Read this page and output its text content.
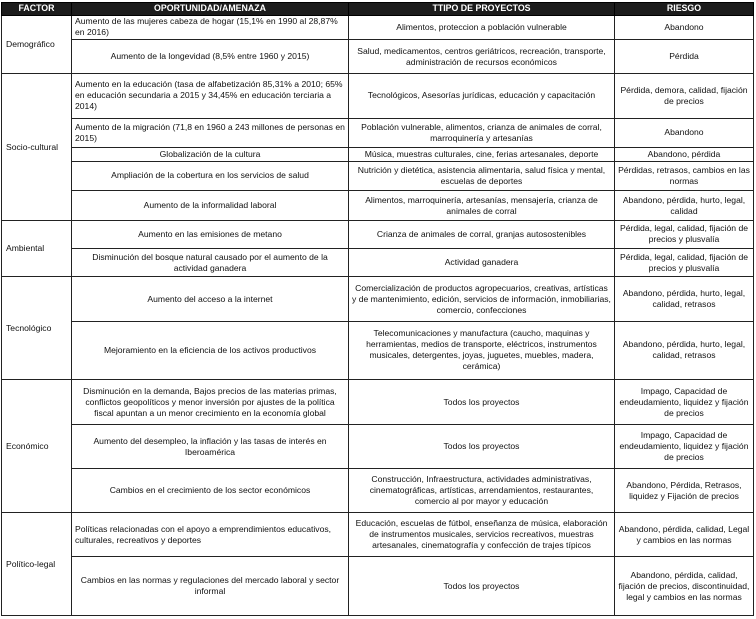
FACTOR	OPORTUNIDAD/AMENAZA	TTIPO DE PROYECTOS	RIESGO
Demográfico	Aumento de las mujeres cabeza de hogar (15,1% en 1990 al 28,87% en 2016)	Alimentos, proteccion a población vulnerable	Abandono
	Aumento de la longevidad (8,5% entre 1960 y 2015)	Salud, medicamentos, centros geriátricos, recreación, transporte, administración de recursos económicos	Pérdida
Socio-cultural	Aumento en la educación (tasa de alfabetización 85,31% a 2010; 65% en educación secundaria a 2015 y 34,45% en educación terciaria a 2014)	Tecnológicos, Asesorías jurídicas, educación y capacitación	Pérdida, demora, calidad, fijación de precios
	Aumento de la migración (71,8 en 1960 a 243 millones de personas en 2015)	Población vulnerable, alimentos, crianza de animales de corral, marroquinería y artesanías	Abandono
	Globalización de la cultura	Música, muestras culturales, cine, ferias artesanales, deporte	Abandono, pérdida
	Ampliación de la cobertura en los servicios de salud	Nutrición y dietética, asistencia alimentaria, salud física y mental, escuelas de deportes	Pérdidas, retrasos, cambios en las normas
	Aumento de la informalidad laboral	Alimentos, marroquinería, artesanías, mensajería, crianza de animales de corral	Abandono, pérdida, hurto, legal, calidad
Ambiental	Aumento en las emisiones de metano	Crianza de animales de corral, granjas autosostenibles	Pérdida, legal, calidad, fijación de precios y plusvalía
	Disminución del bosque natural causado por el aumento de la actividad ganadera	Actividad ganadera	Pérdida, legal, calidad, fijación de precios y plusvalía
Tecnológico	Aumento del acceso a la internet	Comercialización de productos agropecuarios, creativas, artísticas y de mantenimiento, edición, servicios de información, inmobiliarias, comercio, confecciones	Abandono, pérdida, hurto, legal, calidad, retrasos
	Mejoramiento en la eficiencia de los activos productivos	Telecomunicaciones y manufactura (caucho, maquinas y herramientas, medios de transporte, eléctricos, instrumentos musicales, detergentes, joyas, juguetes, muebles, madera, cerámica)	Abandono, pérdida, hurto, legal, calidad, retrasos
Económico	Disminución en la demanda, Bajos precios de las materias primas, conflictos geopolíticos y menor inversión por ajustes de la política fiscal apuntan a un menor crecimiento en la economía global	Todos los proyectos	Impago, Capacidad de endeudamiento, liquidez y fijación de precios
	Aumento del desempleo, la inflación y las tasas de interés en Iberoamérica	Todos los proyectos	Impago, Capacidad de endeudamiento, liquidez y fijación de precios
	Cambios en el crecimiento de los sector económicos	Construcción, Infraestructura, actividades administrativas, cinematográficas, artísticas, arrendamientos, restaurantes, comercio al por mayor y educación	Abandono, Pérdida, Retrasos, liquidez y Fijación de precios
Político-legal	Políticas relacionadas con el apoyo a emprendimientos educativos, culturales, recreativos y deportes	Educación, escuelas de fútbol, enseñanza de música, elaboración de instrumentos musicales, servicios recreativos, muestras artesanales, cinematografía y confección de trajes típicos	Abandono, pérdida, calidad, Legal y cambios en las normas
	Cambios en las normas y regulaciones del mercado laboral y sector informal	Todos los proyectos	Abandono, pérdida, calidad, fijación de precios, discontinuidad, legal y cambios en las normas
